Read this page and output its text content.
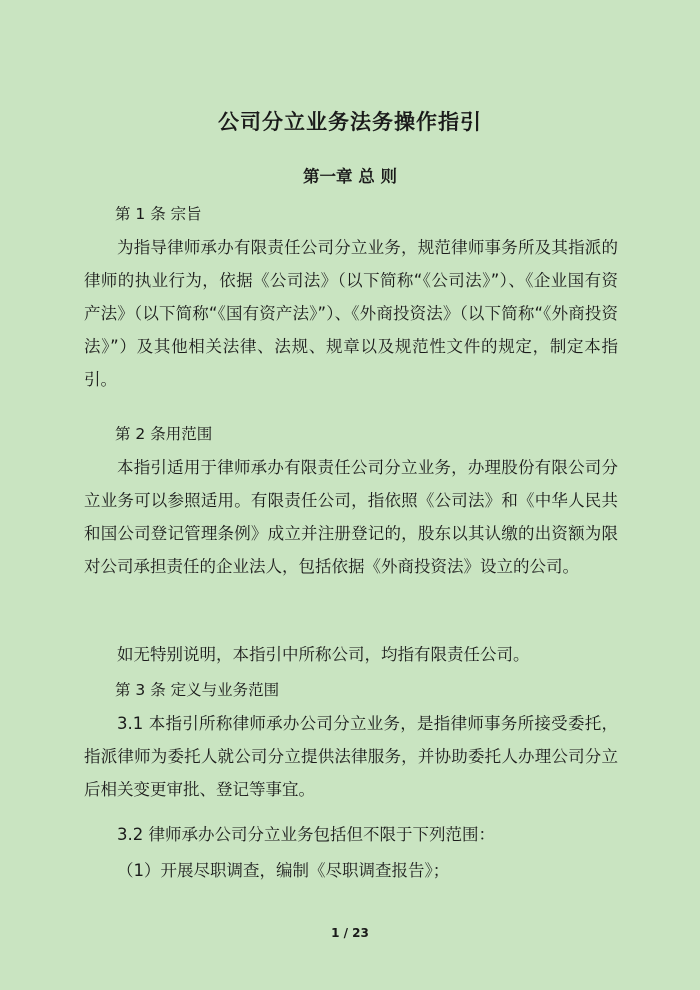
公司分立业务法务操作指引
第一章 总 则

第 1 条 宗旨

为指导律师承办有限责任公司分立业务，规范律师事务所及其指派的律师的执业行为，依据《公司法》（以下简称“《公司法》”）、《企业国有资产法》（以下简称“《国有资产法》”）、《外商投资法》（以下简称“《外商投资法》”）及其他相关法律、法规、规章以及规范性文件的规定，制定本指引。

第 2 条用范围

本指引适用于律师承办有限责任公司分立业务，办理股份有限公司分立业务可以参照适用。有限责任公司，指依照《公司法》和《中华人民共和国公司登记管理条例》成立并注册登记的，股东以其认缴的出资额为限对公司承担责任的企业法人，包括依据《外商投资法》设立的公司。

如无特别说明，本指引中所称公司，均指有限责任公司。

第 3 条 定义与业务范围

3.1 本指引所称律师承办公司分立业务，是指律师事务所接受委托，指派律师为委托人就公司分立提供法律服务，并协助委托人办理公司分立后相关变更审批、登记等事宜。

3.2 律师承办公司分立业务包括但不限于下列范围：

（1）开展尽职调查，编制《尽职调查报告》；

1 / 23
